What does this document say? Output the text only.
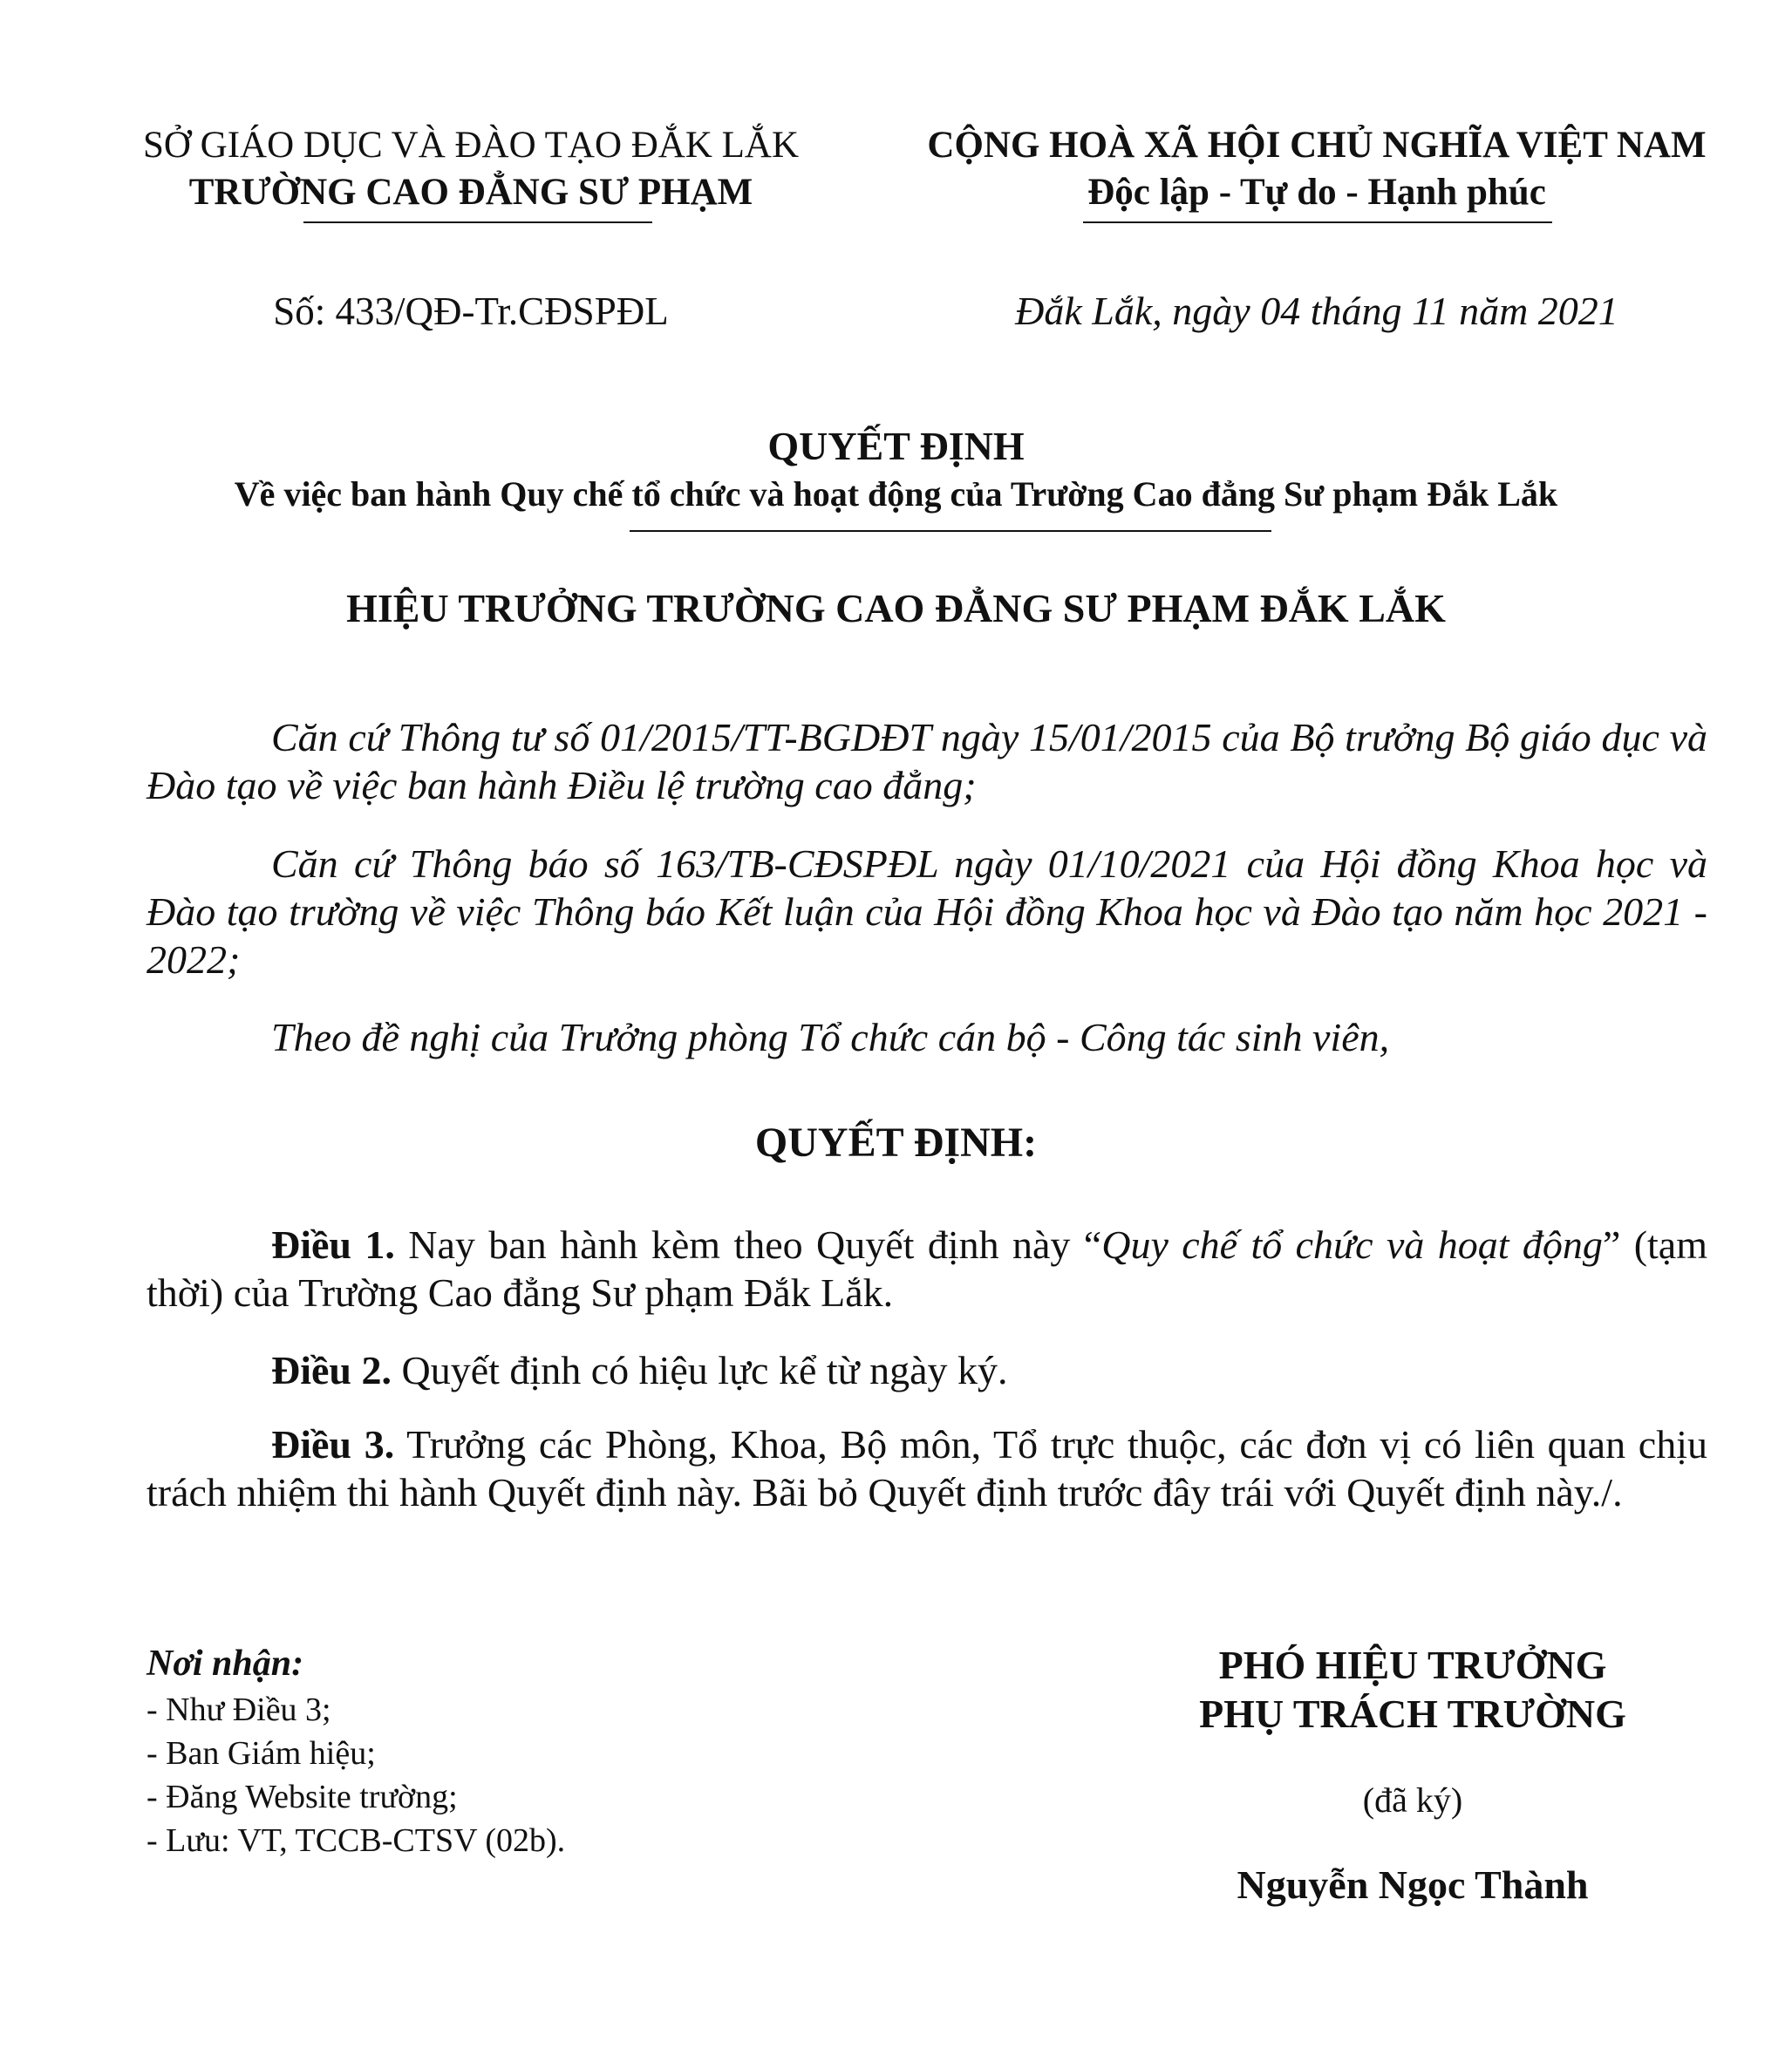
SỞ GIÁO DỤC VÀ ĐÀO TẠO ĐẮK LẮK
TRƯỜNG CAO ĐẲNG SƯ PHẠM
CỘNG HOÀ XÃ HỘI CHỦ NGHĨA VIỆT NAM
Độc lập - Tự do - Hạnh phúc
Số: 433/QĐ-Tr.CĐSPĐL	Đắk Lắk, ngày 04 tháng 11 năm 2021
QUYẾT ĐỊNH
Về việc ban hành Quy chế tổ chức và hoạt động của Trường Cao đẳng Sư phạm Đắk Lắk
HIỆU TRƯỞNG TRƯỜNG CAO ĐẲNG SƯ PHẠM ĐẮK LẮK

Căn cứ Thông tư số 01/2015/TT-BGDĐT ngày 15/01/2015 của Bộ trưởng Bộ giáo dục và Đào tạo về việc ban hành Điều lệ trường cao đẳng;

Căn cứ Thông báo số 163/TB-CĐSPĐL ngày 01/10/2021 của Hội đồng Khoa học và Đào tạo trường về việc Thông báo Kết luận của Hội đồng Khoa học và Đào tạo năm học 2021 - 2022;

Theo đề nghị của Trưởng phòng Tổ chức cán bộ - Công tác sinh viên,

QUYẾT ĐỊNH:

Điều 1. Nay ban hành kèm theo Quyết định này “Quy chế tổ chức và hoạt động” (tạm thời) của Trường Cao đẳng Sư phạm Đắk Lắk.

Điều 2. Quyết định có hiệu lực kể từ ngày ký.

Điều 3. Trưởng các Phòng, Khoa, Bộ môn, Tổ trực thuộc, các đơn vị có liên quan chịu trách nhiệm thi hành Quyết định này. Bãi bỏ Quyết định trước đây trái với Quyết định này./.

Nơi nhận:
- Như Điều 3;
- Ban Giám hiệu;
- Đăng Website trường;
- Lưu: VT, TCCB-CTSV (02b).
PHÓ HIỆU TRƯỞNG
PHỤ TRÁCH TRƯỜNG
(đã ký)
Nguyễn Ngọc Thành
